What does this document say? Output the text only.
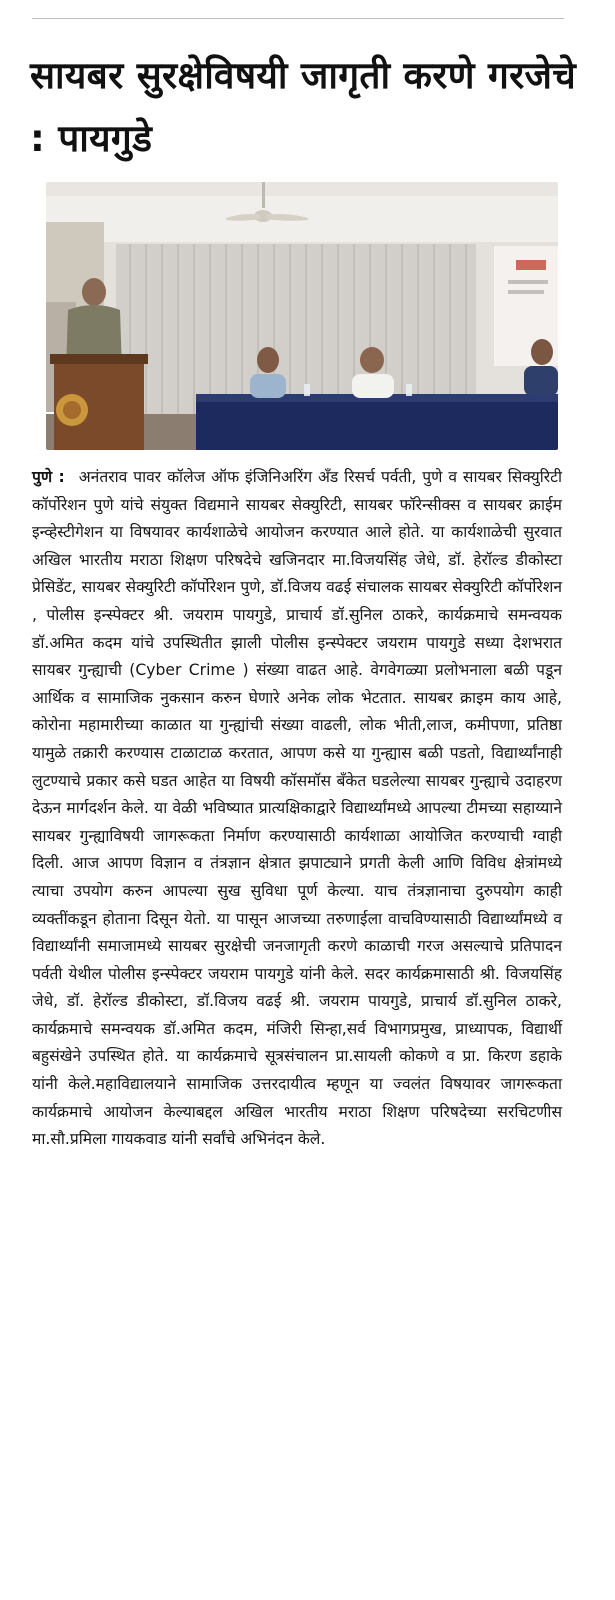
सायबर सुरक्षेविषयी जागृती करणे गरजेचे : पायगुडे

पुणे : अनंतराव पावर कॉलेज ऑफ इंजिनिअरिंग अँड रिसर्च पर्वती, पुणे व सायबर सिक्युरिटी कॉर्पोरेशन पुणे यांचे संयुक्त विद्यमाने सायबर सेक्युरिटी, सायबर फॉरेन्सीक्स व सायबर क्राईम इन्व्हेस्टीगेशन या विषयावर कार्यशाळेचे आयोजन करण्यात आले होते. या कार्यशाळेची सुरवात अखिल भारतीय मराठा शिक्षण परिषदेचे खजिनदार मा.विजयसिंह जेधे, डॉ. हेरॉल्ड डीकोस्टा प्रेसिडेंट, सायबर सेक्युरिटी कॉर्पोरेशन पुणे, डॉ.विजय वढई संचालक सायबर सेक्युरिटी कॉर्पोरेशन , पोलीस इन्स्पेक्टर श्री. जयराम पायगुडे, प्राचार्य डॉ.सुनिल ठाकरे, कार्यक्रमाचे समन्वयक डॉ.अमित कदम यांचे उपस्थितीत झाली पोलीस इन्स्पेक्टर जयराम पायगुडे सध्या देशभरात सायबर गुन्ह्याची (Cyber Crime ) संख्या वाढत आहे. वेगवेगळ्या प्रलोभनाला बळी पडून आर्थिक व सामाजिक नुकसान करुन घेणारे अनेक लोक भेटतात. सायबर क्राइम काय आहे, कोरोना महामारीच्या काळात या गुन्ह्यांची संख्या वाढली, लोक भीती,लाज, कमीपणा, प्रतिष्ठा यामुळे तक्रारी करण्यास टाळाटाळ करतात, आपण कसे या गुन्ह्यास बळी पडतो, विद्यार्थ्यांनाही लुटण्याचे प्रकार कसे घडत आहेत या विषयी कॉसमॉस बँकेत घडलेल्या सायबर गुन्ह्याचे उदाहरण देऊन मार्गदर्शन केले. या वेळी भविष्यात प्रात्यक्षिकाद्वारे विद्यार्थ्यांमध्ये आपल्या टीमच्या सहाय्याने सायबर गुन्ह्याविषयी जागरूकता निर्माण करण्यासाठी कार्यशाळा आयोजित करण्याची ग्वाही दिली. आज आपण विज्ञान व तंत्रज्ञान क्षेत्रात झपाट्याने प्रगती केली आणि विविध क्षेत्रांमध्ये त्याचा उपयोग करुन आपल्या सुख सुविधा पूर्ण केल्या. याच तंत्रज्ञानाचा दुरुपयोग काही व्यक्तींकडून होताना दिसून येतो. या पासून आजच्या तरुणाईला वाचविण्यासाठी विद्यार्थ्यांमध्ये व विद्यार्थ्यांनी समाजामध्ये सायबर सुरक्षेची जनजागृती करणे काळाची गरज असल्याचे प्रतिपादन पर्वती येथील पोलीस इन्स्पेक्टर जयराम पायगुडे यांनी केले. सदर कार्यक्रमासाठी श्री. विजयसिंह जेधे, डॉ. हेरॉल्ड डीकोस्टा, डॉ.विजय वढई श्री. जयराम पायगुडे, प्राचार्य डॉ.सुनिल ठाकरे, कार्यक्रमाचे समन्वयक डॉ.अमित कदम, मंजिरी सिन्हा,सर्व विभागप्रमुख, प्राध्यापक, विद्यार्थी बहुसंखेने उपस्थित होते. या कार्यक्रमाचे सूत्रसंचालन प्रा.सायली कोकणे व प्रा. किरण डहाके यांनी केले.महाविद्यालयाने सामाजिक उत्तरदायीत्व म्हणून या ज्वलंत विषयावर जागरूकता कार्यक्रमाचे आयोजन केल्याबद्दल अखिल भारतीय मराठा शिक्षण परिषदेच्या सरचिटणीस मा.सौ.प्रमिला गायकवाड यांनी सर्वांचे अभिनंदन केले.
